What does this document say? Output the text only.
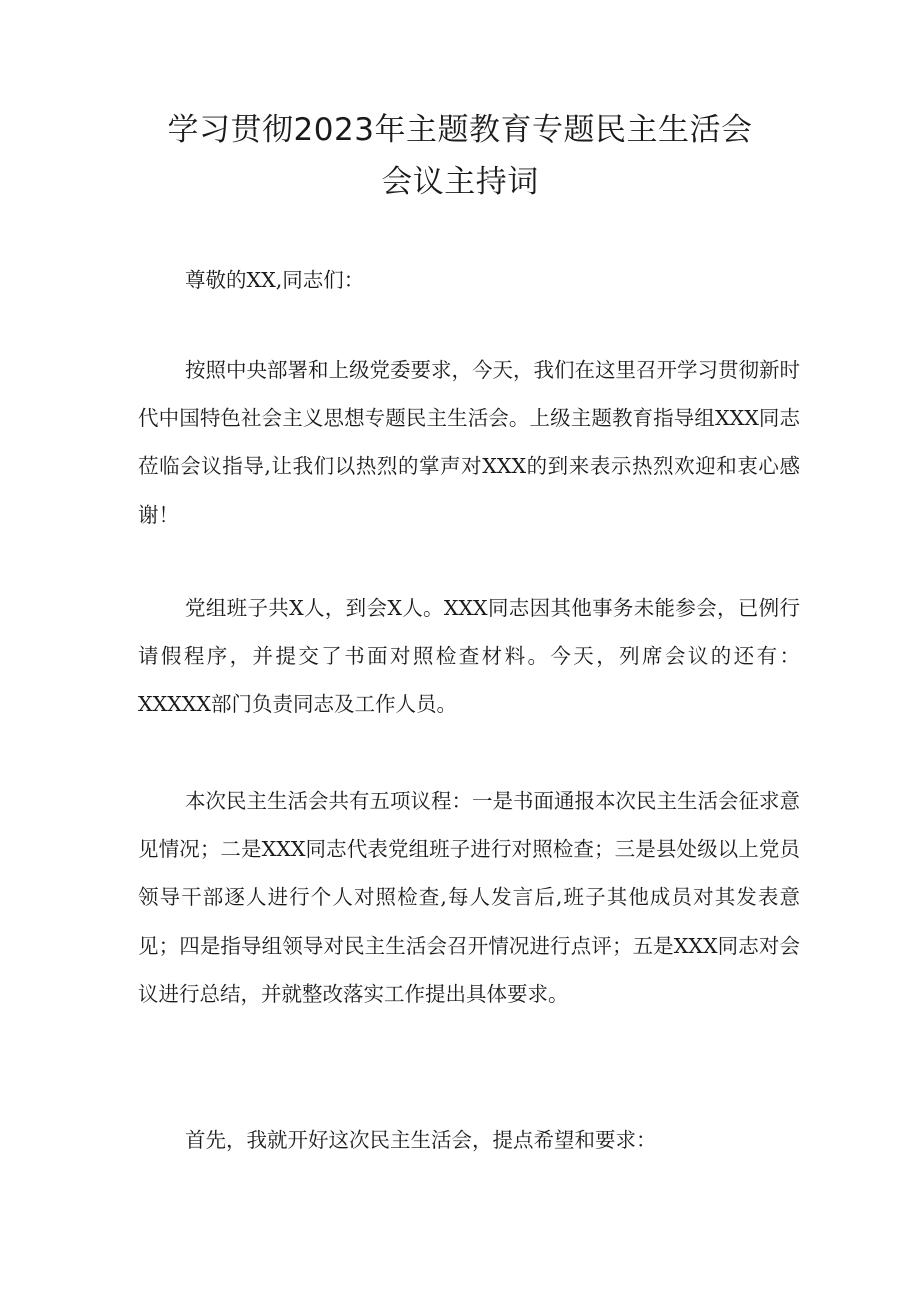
学习贯彻2023年主题教育专题民主生活会
会议主持词
尊敬的XX,同志们：
按照中央部署和上级党委要求，今天，我们在这里召开学习贯彻新时代中国特色社会主义思想专题民主生活会。上级主题教育指导组XXX同志莅临会议指导,让我们以热烈的掌声对XXX的到来表示热烈欢迎和衷心感谢！
党组班子共X人，到会X人。XXX同志因其他事务未能参会，已例行请假程序，并提交了书面对照检查材料。今天，列席会议的还有：XXXXX部门负责同志及工作人员。
本次民主生活会共有五项议程：一是书面通报本次民主生活会征求意见情况；二是XXX同志代表党组班子进行对照检查；三是县处级以上党员领导干部逐人进行个人对照检查,每人发言后,班子其他成员对其发表意见；四是指导组领导对民主生活会召开情况进行点评；五是XXX同志对会议进行总结，并就整改落实工作提出具体要求。
首先，我就开好这次民主生活会，提点希望和要求：
